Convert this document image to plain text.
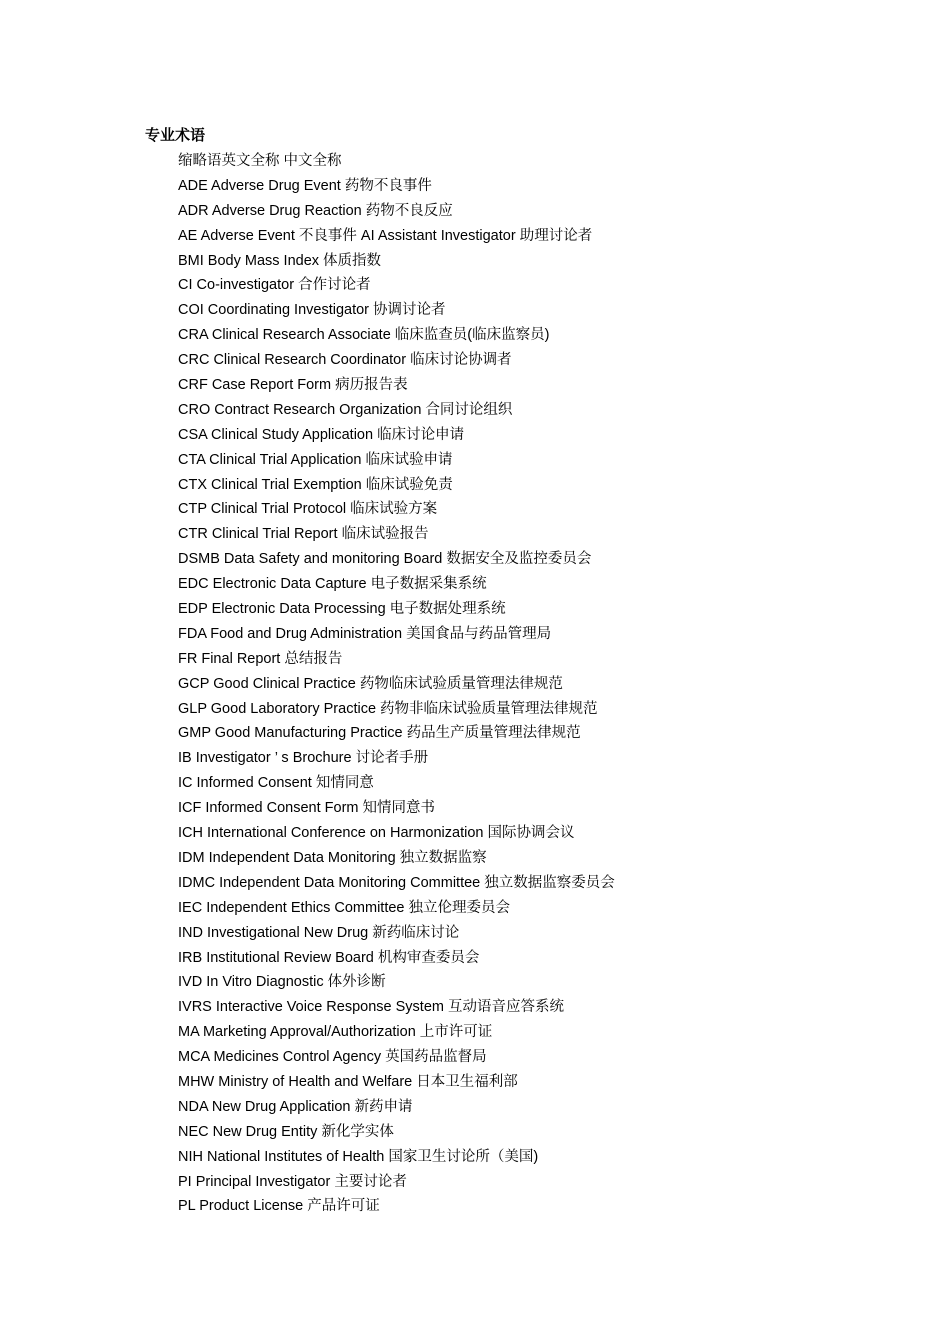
专业术语
缩略语英文全称 中文全称
ADE Adverse Drug Event 药物不良事件
ADR Adverse Drug Reaction 药物不良反应
AE Adverse Event 不良事件 AI Assistant Investigator 助理讨论者
BMI Body Mass Index 体质指数
CI Co-investigator 合作讨论者
COI Coordinating Investigator 协调讨论者
CRA Clinical Research Associate 临床监查员(临床监察员)
CRC Clinical Research Coordinator 临床讨论协调者
CRF Case Report Form 病历报告表
CRO Contract Research Organization 合同讨论组织
CSA Clinical Study Application 临床讨论申请
CTA Clinical Trial Application 临床试验申请
CTX Clinical Trial Exemption 临床试验免责
CTP Clinical Trial Protocol 临床试验方案
CTR Clinical Trial Report 临床试验报告
DSMB Data Safety and monitoring Board 数据安全及监控委员会
EDC Electronic Data Capture 电子数据采集系统
EDP Electronic Data Processing 电子数据处理系统
FDA Food and Drug Administration 美国食品与药品管理局
FR Final Report 总结报告
GCP Good Clinical Practice 药物临床试验质量管理法律规范
GLP Good Laboratory Practice 药物非临床试验质量管理法律规范
GMP Good Manufacturing Practice 药品生产质量管理法律规范
IB Investigator ’ s Brochure 讨论者手册
IC Informed Consent 知情同意
ICF Informed Consent Form 知情同意书
ICH International Conference on Harmonization 国际协调会议
IDM Independent Data Monitoring 独立数据监察
IDMC Independent Data Monitoring Committee 独立数据监察委员会
IEC Independent Ethics Committee 独立伦理委员会
IND Investigational New Drug 新药临床讨论
IRB Institutional Review Board 机构审查委员会
IVD In Vitro Diagnostic 体外诊断
IVRS Interactive Voice Response System 互动语音应答系统
MA Marketing Approval/Authorization 上市许可证
MCA Medicines Control Agency 英国药品监督局
MHW Ministry of Health and Welfare 日本卫生福利部
NDA New Drug Application 新药申请
NEC New Drug Entity 新化学实体
NIH National Institutes of Health 国家卫生讨论所（美国)
PI Principal Investigator 主要讨论者
PL Product License 产品许可证
